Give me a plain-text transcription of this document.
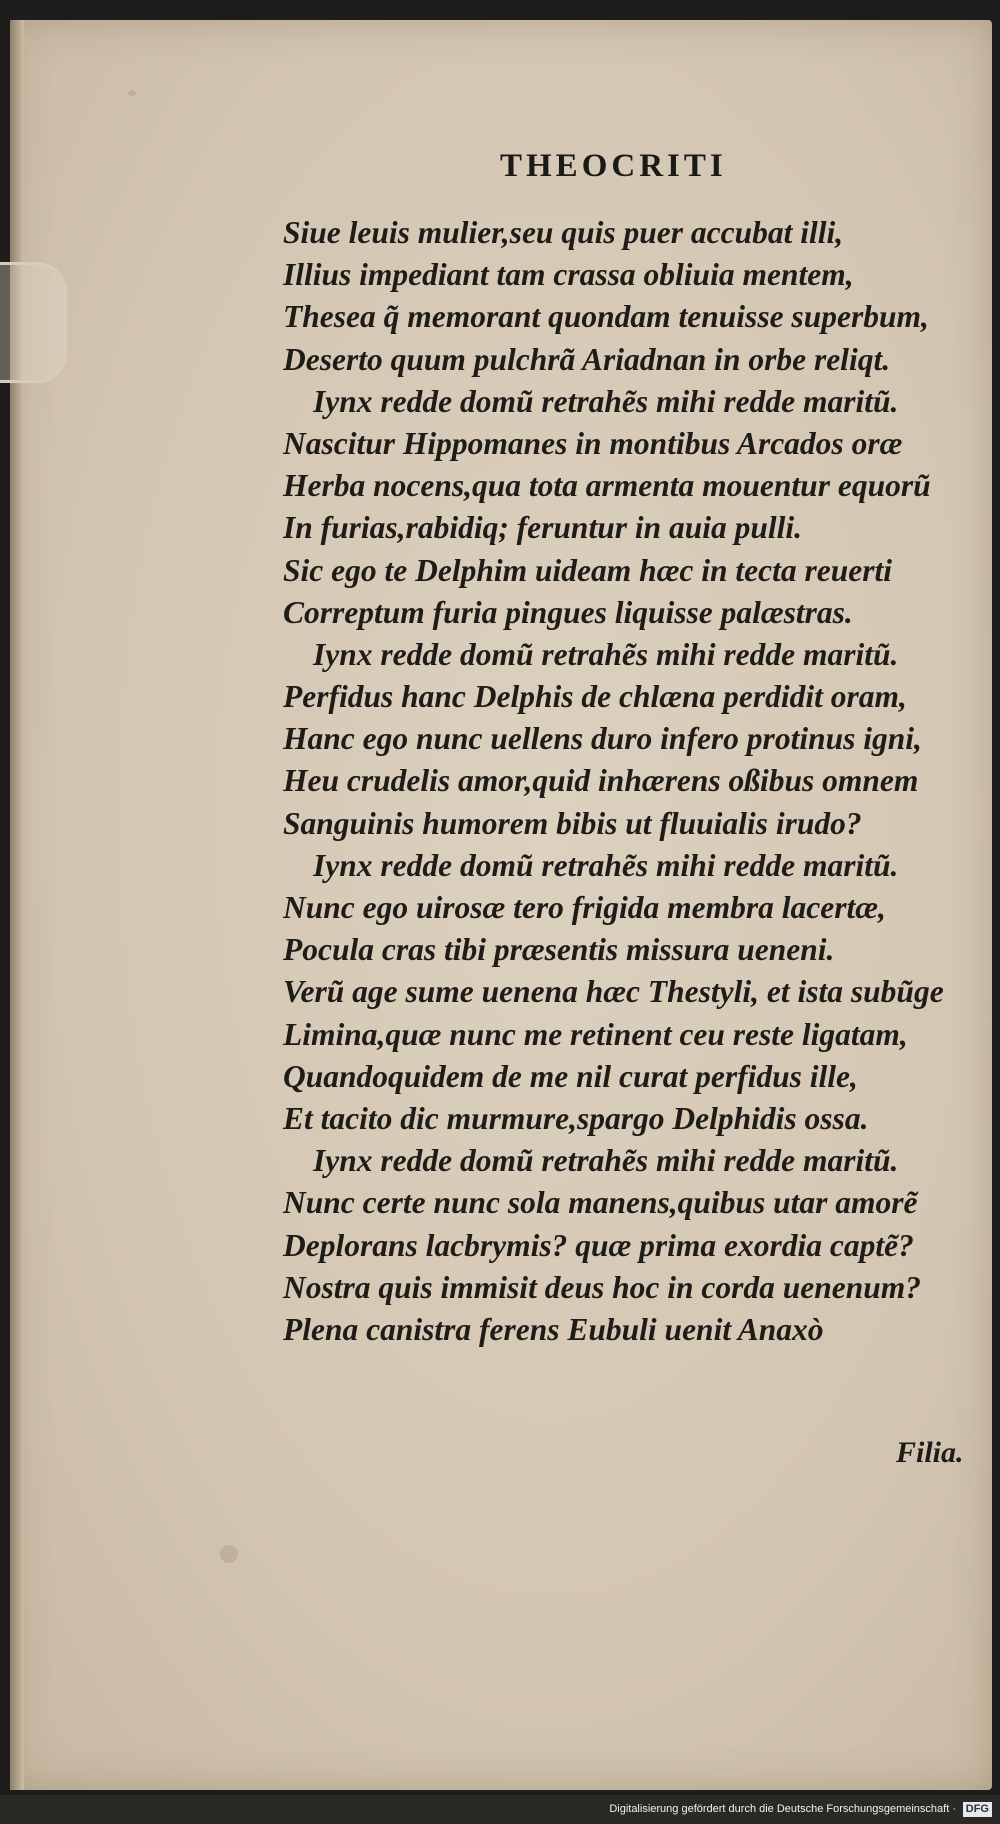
THEOCRITI
Siue leuis mulier,seu quis puer accubat illi,
Illius impediant tam crassa obliuia mentem,
Thesea q̃ memorant quondam tenuisse superbum,
Deserto quum pulchrã Ariadnan in orbe reliqt.
Iynx redde domũ retrahẽs mihi redde maritũ.
Nascitur Hippomanes in montibus Arcados oræ
Herba nocens,qua tota armenta mouentur equorũ
In furias,rabidiq; feruntur in auia pulli.
Sic ego te Delphim uideam hæc in tecta reuerti
Correptum furia pingues liquisse palæstras.
Iynx redde domũ retrahẽs mihi redde maritũ.
Perfidus hanc Delphis de chlæna perdidit oram,
Hanc ego nunc uellens duro infero protinus igni,
Heu crudelis amor,quid inhærens oßibus omnem
Sanguinis humorem bibis ut fluuialis irudo?
Iynx redde domũ retrahẽs mihi redde maritũ.
Nunc ego uirosæ tero frigida membra lacertæ,
Pocula cras tibi præsentis missura ueneni.
Verũ age sume uenena hæc Thestyli, et ista subũge
Limina,quæ nunc me retinent ceu reste ligatam,
Quandoquidem de me nil curat perfidus ille,
Et tacito dic murmure,spargo Delphidis ossa.
Iynx redde domũ retrahẽs mihi redde maritũ.
Nunc certe nunc sola manens,quibus utar amorẽ
Deplorans lacbrymis? quæ prima exordia captẽ?
Nostra quis immisit deus hoc in corda uenenum?
Plena canistra ferens Eubuli uenit Anaxò
Filia.
Digitalisierung gefördert durch die Deutsche Forschungsgemeinschaft · DFG
